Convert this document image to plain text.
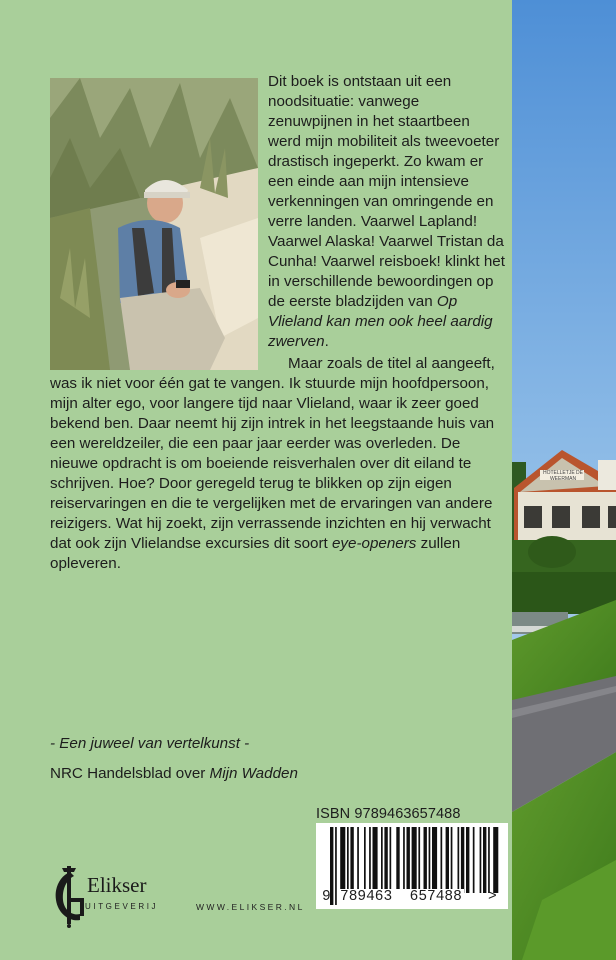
HOTELLETJE DE WEERMAN

Dit boek is ontstaan uit een noodsituatie: vanwege zenuwpijnen in het staartbeen werd mijn mobiliteit als tweevoeter drastisch ingeperkt. Zo kwam er een einde aan mijn intensieve verkenningen van omringende en verre landen. Vaarwel Lapland! Vaarwel Alaska! Vaarwel Tristan da Cunha! Vaarwel reisboek! klinkt het in verschillende bewoordingen op de eerste bladzijden van Op Vlieland kan men ook heel aardig zwerven.

Maar zoals de titel al aangeeft, was ik niet voor één gat te vangen. Ik stuurde mijn hoofdpersoon, mijn alter ego, voor langere tijd naar Vlieland, waar ik zeer goed bekend ben. Daar neemt hij zijn intrek in het leegstaande huis van een wereldzeiler, die een paar jaar eerder was overleden. De nieuwe opdracht is om boeiende reisverhalen over dit eiland te schrijven. Hoe? Door geregeld terug te blikken op zijn eigen reiservaringen en die te vergelijken met de ervaringen van andere reizigers. Wat hij zoekt, zijn verrassende inzichten en hij verwacht dat ook zijn Vlielandse excursies dit soort eye-openers zullen opleveren.

- Een juweel van vertelkunst -
NRC Handelsblad over Mijn Wadden
ISBN 9789463657488
9 789463  657488 >
Elikser
UITGEVERIJ	WWW.ELIKSER.NL
